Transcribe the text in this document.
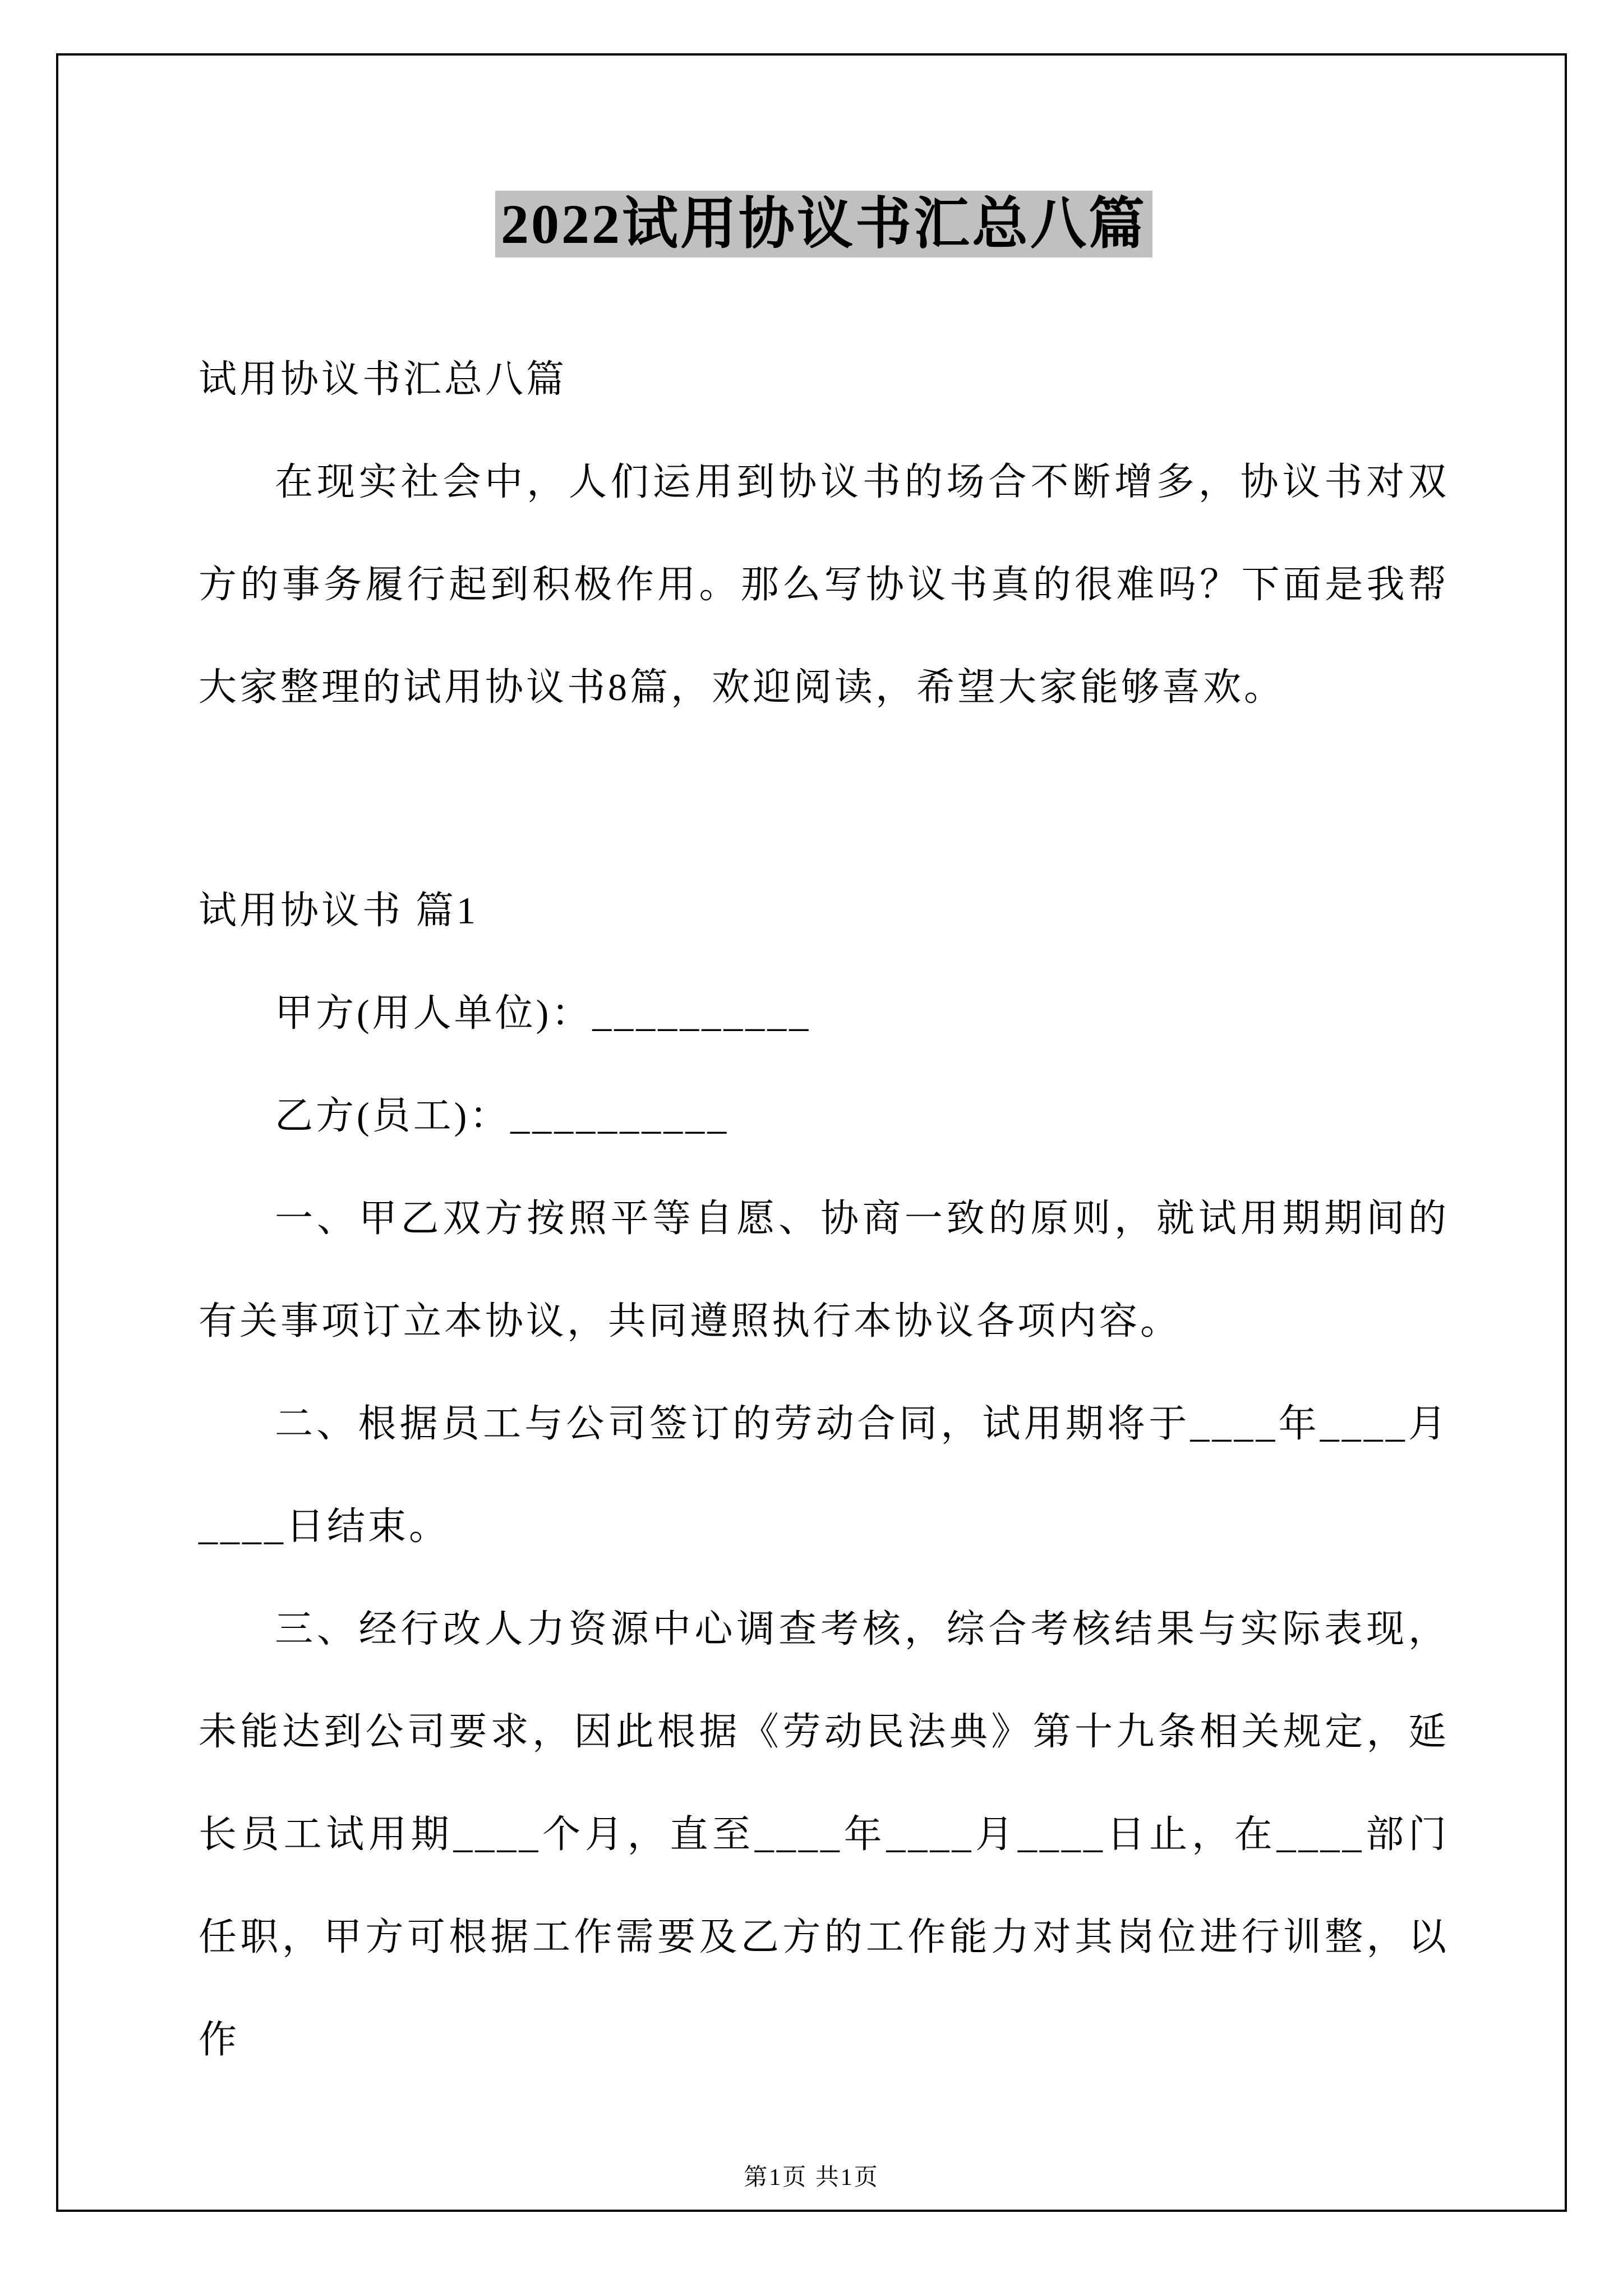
2022试用协议书汇总八篇

试用协议书汇总八篇

在现实社会中，人们运用到协议书的场合不断增多，协议书对双方的事务履行起到积极作用。那么写协议书真的很难吗？下面是我帮大家整理的试用协议书8篇，欢迎阅读，希望大家能够喜欢。

试用协议书 篇1

甲方(用人单位)：__________

乙方(员工)：__________

一、甲乙双方按照平等自愿、协商一致的原则，就试用期期间的有关事项订立本协议，共同遵照执行本协议各项内容。

二、根据员工与公司签订的劳动合同，试用期将于____年____月____日结束。

三、经行改人力资源中心调查考核，综合考核结果与实际表现，未能达到公司要求，因此根据《劳动民法典》第十九条相关规定，延长员工试用期____个月，直至____年____月____日止，在____部门任职，甲方可根据工作需要及乙方的工作能力对其岗位进行训整，以作

第1页 共1页
